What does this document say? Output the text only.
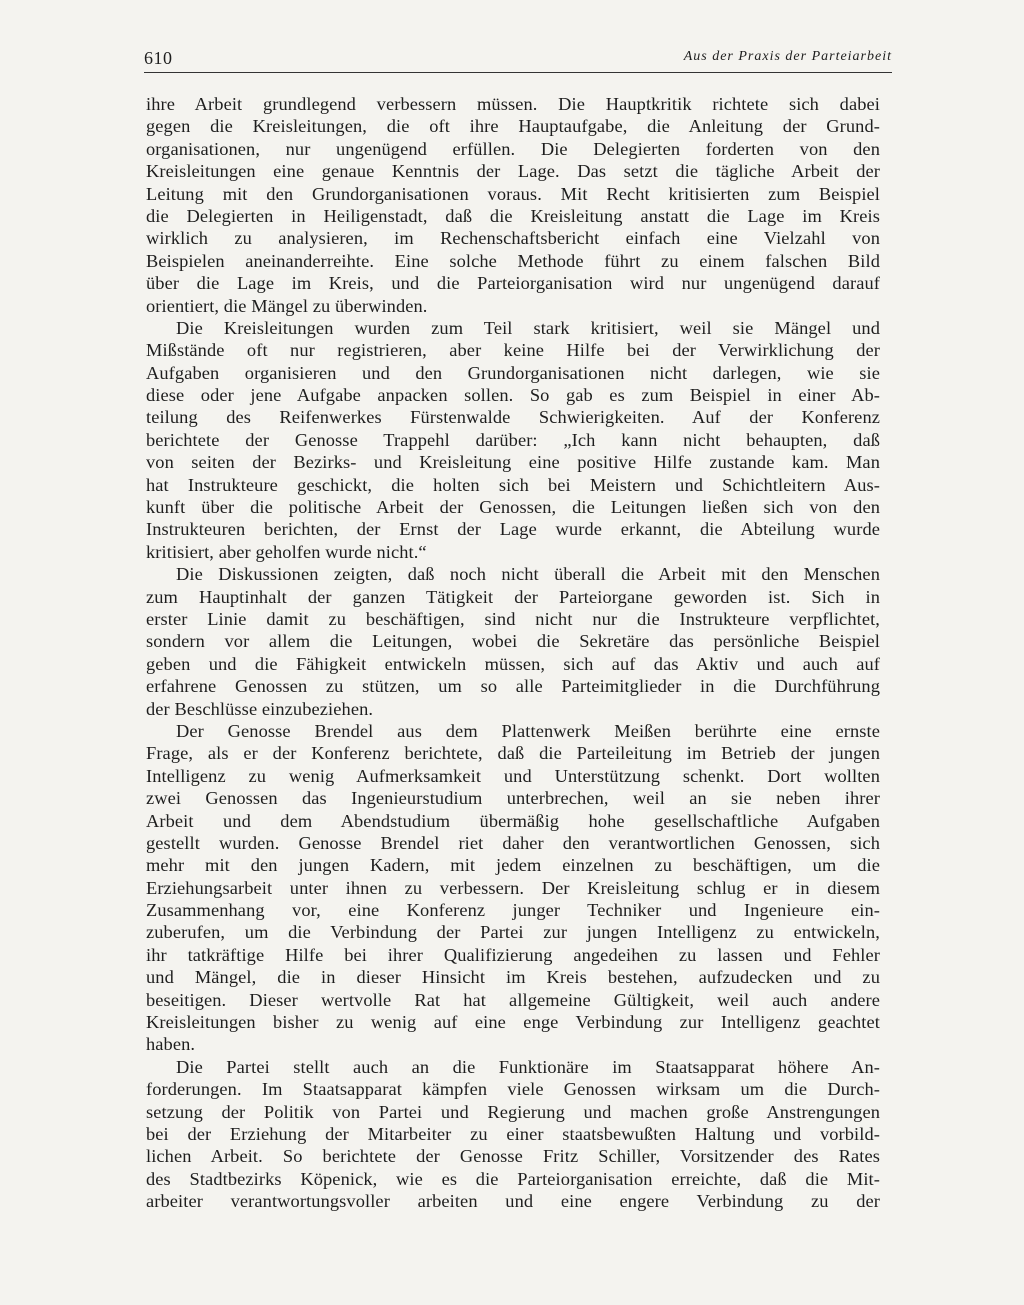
610	Aus der Praxis der Parteiarbeit
ihre Arbeit grundlegend verbessern müssen. Die Hauptkritik richtete sich dabei
gegen die Kreisleitungen, die oft ihre Hauptaufgabe, die Anleitung der Grund-
organisationen, nur ungenügend erfüllen. Die Delegierten forderten von den
Kreisleitungen eine genaue Kenntnis der Lage. Das setzt die tägliche Arbeit der
Leitung mit den Grundorganisationen voraus. Mit Recht kritisierten zum Beispiel
die Delegierten in Heiligenstadt, daß die Kreisleitung anstatt die Lage im Kreis
wirklich zu analysieren, im Rechenschaftsbericht einfach eine Vielzahl von
Beispielen aneinanderreihte. Eine solche Methode führt zu einem falschen Bild
über die Lage im Kreis, und die Parteiorganisation wird nur ungenügend darauf
orientiert, die Mängel zu überwinden.
Die Kreisleitungen wurden zum Teil stark kritisiert, weil sie Mängel und
Mißstände oft nur registrieren, aber keine Hilfe bei der Verwirklichung der
Aufgaben organisieren und den Grundorganisationen nicht darlegen, wie sie
diese oder jene Aufgabe anpacken sollen. So gab es zum Beispiel in einer Ab-
teilung des Reifenwerkes Fürstenwalde Schwierigkeiten. Auf der Konferenz
berichtete der Genosse Trappehl darüber: „Ich kann nicht behaupten, daß
von seiten der Bezirks- und Kreisleitung eine positive Hilfe zustande kam. Man
hat Instrukteure geschickt, die holten sich bei Meistern und Schichtleitern Aus-
kunft über die politische Arbeit der Genossen, die Leitungen ließen sich von den
Instrukteuren berichten, der Ernst der Lage wurde erkannt, die Abteilung wurde
kritisiert, aber geholfen wurde nicht.“
Die Diskussionen zeigten, daß noch nicht überall die Arbeit mit den Menschen
zum Hauptinhalt der ganzen Tätigkeit der Parteiorgane geworden ist. Sich in
erster Linie damit zu beschäftigen, sind nicht nur die Instrukteure verpflichtet,
sondern vor allem die Leitungen, wobei die Sekretäre das persönliche Beispiel
geben und die Fähigkeit entwickeln müssen, sich auf das Aktiv und auch auf
erfahrene Genossen zu stützen, um so alle Parteimitglieder in die Durchführung
der Beschlüsse einzubeziehen.
Der Genosse Brendel aus dem Plattenwerk Meißen berührte eine ernste
Frage, als er der Konferenz berichtete, daß die Parteileitung im Betrieb der jungen
Intelligenz zu wenig Aufmerksamkeit und Unterstützung schenkt. Dort wollten
zwei Genossen das Ingenieurstudium unterbrechen, weil an sie neben ihrer
Arbeit und dem Abendstudium übermäßig hohe gesellschaftliche Aufgaben
gestellt wurden. Genosse Brendel riet daher den verantwortlichen Genossen, sich
mehr mit den jungen Kadern, mit jedem einzelnen zu beschäftigen, um die
Erziehungsarbeit unter ihnen zu verbessern. Der Kreisleitung schlug er in diesem
Zusammenhang vor, eine Konferenz junger Techniker und Ingenieure ein-
zuberufen, um die Verbindung der Partei zur jungen Intelligenz zu entwickeln,
ihr tatkräftige Hilfe bei ihrer Qualifizierung angedeihen zu lassen und Fehler
und Mängel, die in dieser Hinsicht im Kreis bestehen, aufzudecken und zu
beseitigen. Dieser wertvolle Rat hat allgemeine Gültigkeit, weil auch andere
Kreisleitungen bisher zu wenig auf eine enge Verbindung zur Intelligenz geachtet
haben.
Die Partei stellt auch an die Funktionäre im Staatsapparat höhere An-
forderungen. Im Staatsapparat kämpfen viele Genossen wirksam um die Durch-
setzung der Politik von Partei und Regierung und machen große Anstrengungen
bei der Erziehung der Mitarbeiter zu einer staatsbewußten Haltung und vorbild-
lichen Arbeit. So berichtete der Genosse Fritz Schiller, Vorsitzender des Rates
des Stadtbezirks Köpenick, wie es die Parteiorganisation erreichte, daß die Mit-
arbeiter verantwortungsvoller arbeiten und eine engere Verbindung zu der
